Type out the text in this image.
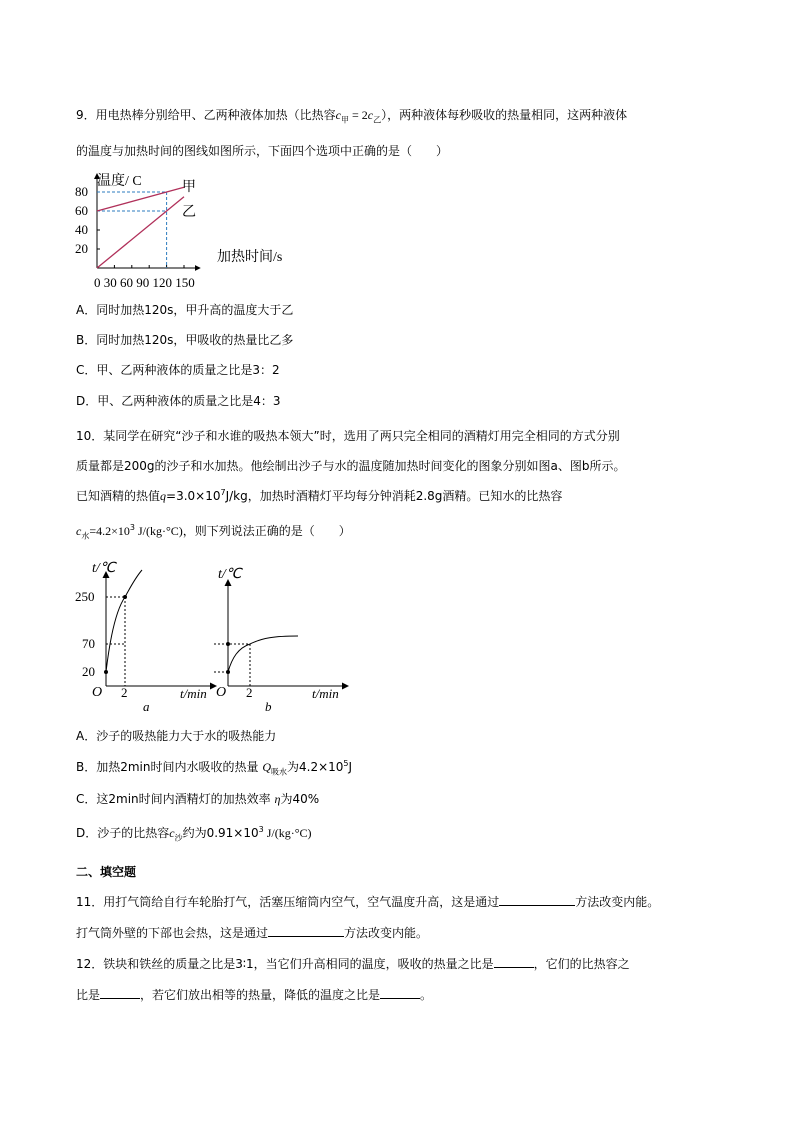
9．用电热棒分别给甲、乙两种液体加热（比热容$c_甲 = 2c_乙$），两种液体每秒吸收的热量相同，这两种液体
的温度与加热时间的图线如图所示，下面四个选项中正确的是（　　）
20
40
60
80
温度/ C
加热时间/s
甲
乙
0 30 60 90 120 150
A．同时加热120s，甲升高的温度大于乙
B．同时加热120s，甲吸收的热量比乙多
C．甲、乙两种液体的质量之比是3：2
D．甲、乙两种液体的质量之比是4：3
10．某同学在研究“沙子和水谁的吸热本领大”时，选用了两只完全相同的酒精灯用完全相同的方式分别
质量都是200g的沙子和水加热。他绘制出沙子与水的温度随加热时间变化的图象分别如图a、图b所示。
已知酒精的热值$q=3.0\times 10^7J/kg$，加热时酒精灯平均每分钟消耗2.8g酒精。已知水的比热容
$c_水=4.2\times 10^3$ J/(kg·°C)，则下列说法正确的是（　　）
t/℃
250
70
20
O 2	t/min
a
t/℃
O 2	t/min
b
A．沙子的吸热能力大于水的吸热能力
B．加热2min时间内水吸收的热量 $Q_{吸水}$为$4.2\times 10^5J$
C．这2min时间内酒精灯的加热效率 η为40%
D．沙子的比热容$c_沙$约为$0.91\times 10^3$ J/(kg·°C)
二、填空题
11．用打气筒给自行车轮胎打气，活塞压缩筒内空气，空气温度升高，这是通过	方法改变内能。
打气筒外壁的下部也会热，这是通过	方法改变内能。
12．铁块和铁丝的质量之比是3∶1，当它们升高相同的温度，吸收的热量之比是	，它们的比热容之
比是	，若它们放出相等的热量，降低的温度之比是	。
